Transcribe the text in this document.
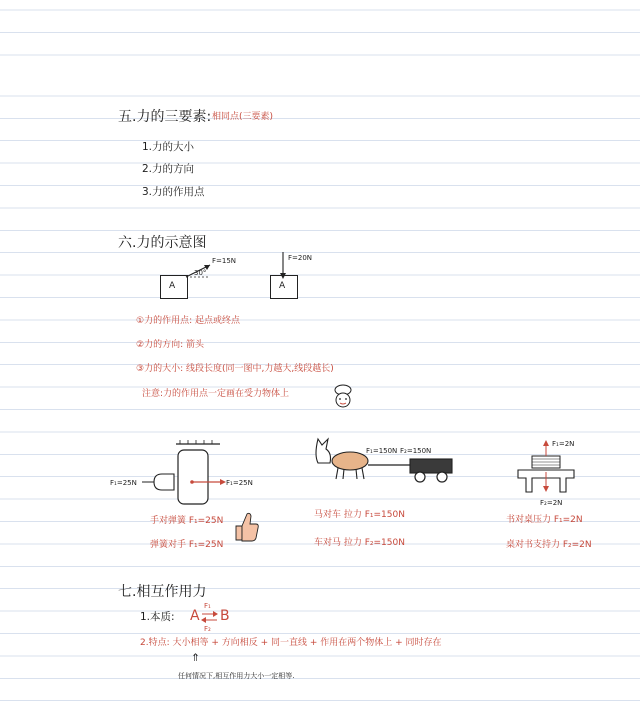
五.力的三要素: 相同点(三要素)
1.力的大小
2.力的方向
3.力的作用点
六.力的示意图
A
F=15N
30°
A
F=20N
①力的作用点: 起点或终点
②力的方向: 箭头
③力的大小: 线段长度(同一图中,力越大,线段越长)
注意:力的作用点一定画在受力物体上
F₁=25N	F₁=25N
手对弹簧 F₁=25N
弹簧对手 F₁=25N
F₁=150N F₂=150N
马对车 拉力 F₁=150N
车对马 拉力 F₂=150N
F₁=2N
F₂=2N
书对桌压力 F₁=2N
桌对书支持力 F₂=2N
七.相互作用力
1.本质: A
F₁
F₂
B
2.特点: 大小相等 + 方向相反 + 同一直线 + 作用在两个物体上 + 同时存在
⇑
任何情况下,相互作用力大小一定相等.
